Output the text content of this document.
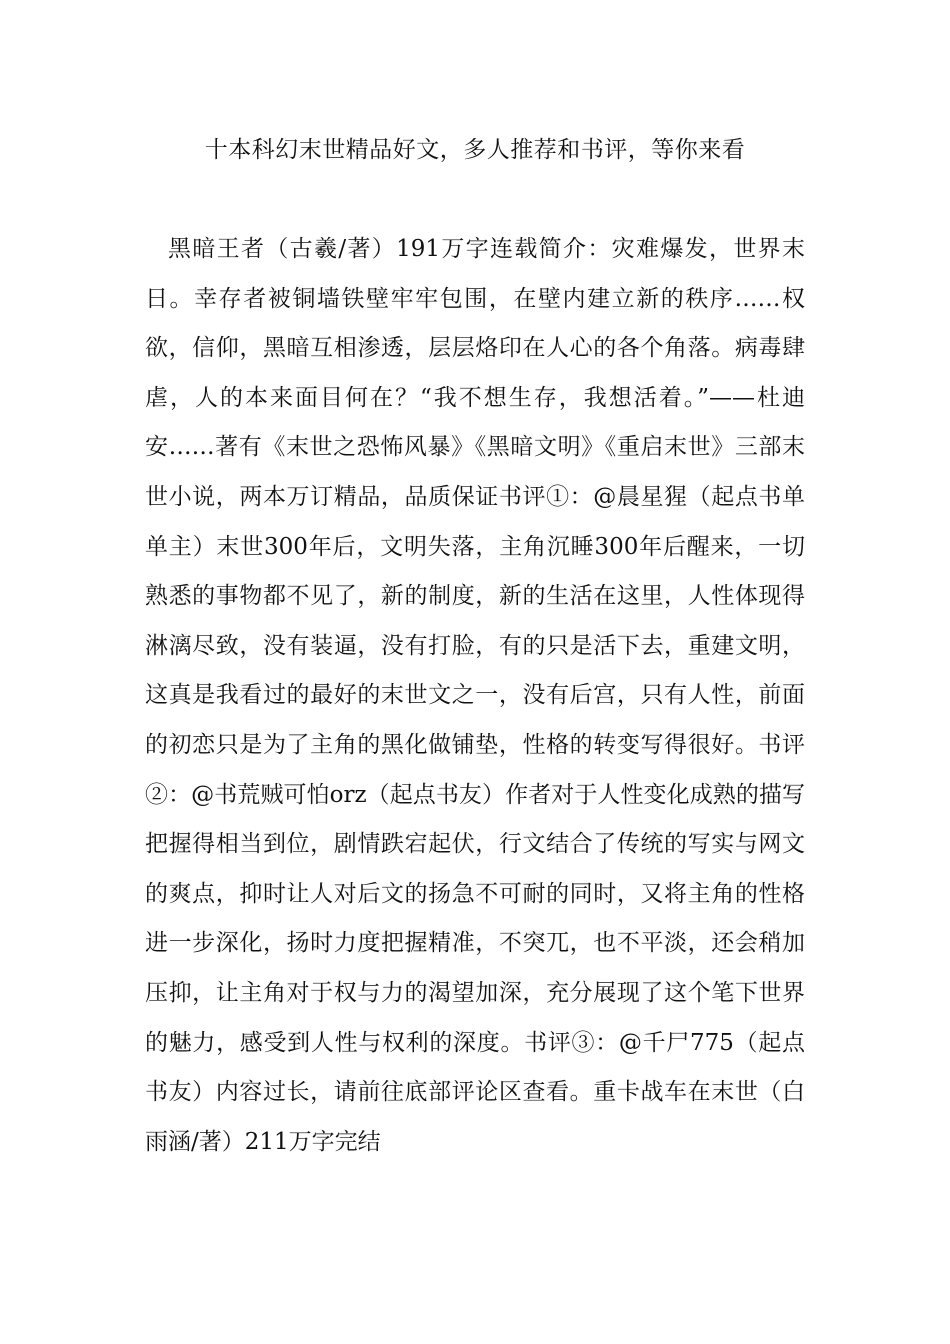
十本科幻末世精品好文，多人推荐和书评，等你来看

黑暗王者（古羲/著）191万字连载简介：灾难爆发，世界末日。幸存者被铜墙铁壁牢牢包围，在壁内建立新的秩序……权欲，信仰，黑暗互相渗透，层层烙印在人心的各个角落。病毒肆虐，人的本来面目何在？“我不想生存，我想活着。”——杜迪安……著有《末世之恐怖风暴》《黑暗文明》《重启末世》三部末世小说，两本万订精品，品质保证书评①：@晨星猩（起点书单单主）末世300年后，文明失落，主角沉睡300年后醒来，一切熟悉的事物都不见了，新的制度，新的生活在这里，人性体现得淋漓尽致，没有装逼，没有打脸，有的只是活下去，重建文明，这真是我看过的最好的末世文之一，没有后宫，只有人性，前面的初恋只是为了主角的黑化做铺垫，性格的转变写得很好。书评②：@书荒贼可怕orz（起点书友）作者对于人性变化成熟的描写把握得相当到位，剧情跌宕起伏，行文结合了传统的写实与网文的爽点，抑时让人对后文的扬急不可耐的同时，又将主角的性格进一步深化，扬时力度把握精准，不突兀，也不平淡，还会稍加压抑，让主角对于权与力的渴望加深，充分展现了这个笔下世界的魅力，感受到人性与权利的深度。书评③：@千尸775（起点书友）内容过长，请前往底部评论区查看。重卡战车在末世（白雨涵/著）211万字完结
